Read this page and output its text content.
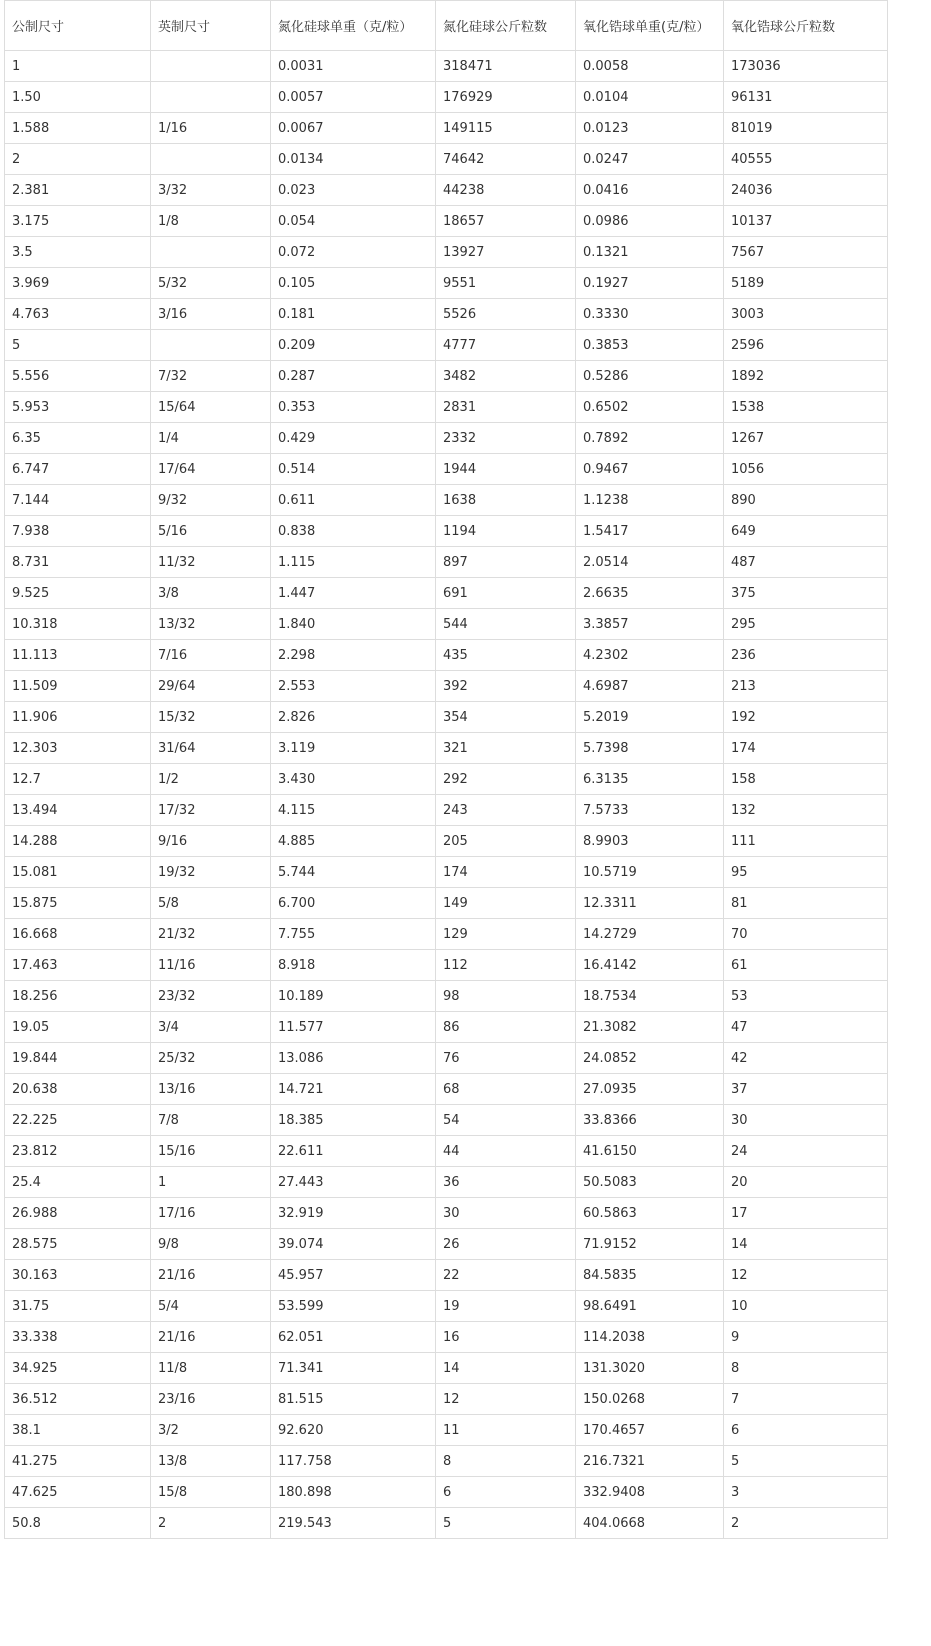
公制尺寸	英制尺寸	氮化硅球单重（克/粒）	氮化硅球公斤粒数	氧化锆球单重(克/粒）	氧化锆球公斤粒数
1		0.0031	318471	0.0058	173036
1.50		0.0057	176929	0.0104	96131
1.588	1/16	0.0067	149115	0.0123	81019
2		0.0134	74642	0.0247	40555
2.381	3/32	0.023	44238	0.0416	24036
3.175	1/8	0.054	18657	0.0986	10137
3.5		0.072	13927	0.1321	7567
3.969	5/32	0.105	9551	0.1927	5189
4.763	3/16	0.181	5526	0.3330	3003
5		0.209	4777	0.3853	2596
5.556	7/32	0.287	3482	0.5286	1892
5.953	15/64	0.353	2831	0.6502	1538
6.35	1/4	0.429	2332	0.7892	1267
6.747	17/64	0.514	1944	0.9467	1056
7.144	9/32	0.611	1638	1.1238	890
7.938	5/16	0.838	1194	1.5417	649
8.731	11/32	1.115	897	2.0514	487
9.525	3/8	1.447	691	2.6635	375
10.318	13/32	1.840	544	3.3857	295
11.113	7/16	2.298	435	4.2302	236
11.509	29/64	2.553	392	4.6987	213
11.906	15/32	2.826	354	5.2019	192
12.303	31/64	3.119	321	5.7398	174
12.7	1/2	3.430	292	6.3135	158
13.494	17/32	4.115	243	7.5733	132
14.288	9/16	4.885	205	8.9903	111
15.081	19/32	5.744	174	10.5719	95
15.875	5/8	6.700	149	12.3311	81
16.668	21/32	7.755	129	14.2729	70
17.463	11/16	8.918	112	16.4142	61
18.256	23/32	10.189	98	18.7534	53
19.05	3/4	11.577	86	21.3082	47
19.844	25/32	13.086	76	24.0852	42
20.638	13/16	14.721	68	27.0935	37
22.225	7/8	18.385	54	33.8366	30
23.812	15/16	22.611	44	41.6150	24
25.4	1	27.443	36	50.5083	20
26.988	17/16	32.919	30	60.5863	17
28.575	9/8	39.074	26	71.9152	14
30.163	21/16	45.957	22	84.5835	12
31.75	5/4	53.599	19	98.6491	10
33.338	21/16	62.051	16	114.2038	9
34.925	11/8	71.341	14	131.3020	8
36.512	23/16	81.515	12	150.0268	7
38.1	3/2	92.620	11	170.4657	6
41.275	13/8	117.758	8	216.7321	5
47.625	15/8	180.898	6	332.9408	3
50.8	2	219.543	5	404.0668	2
